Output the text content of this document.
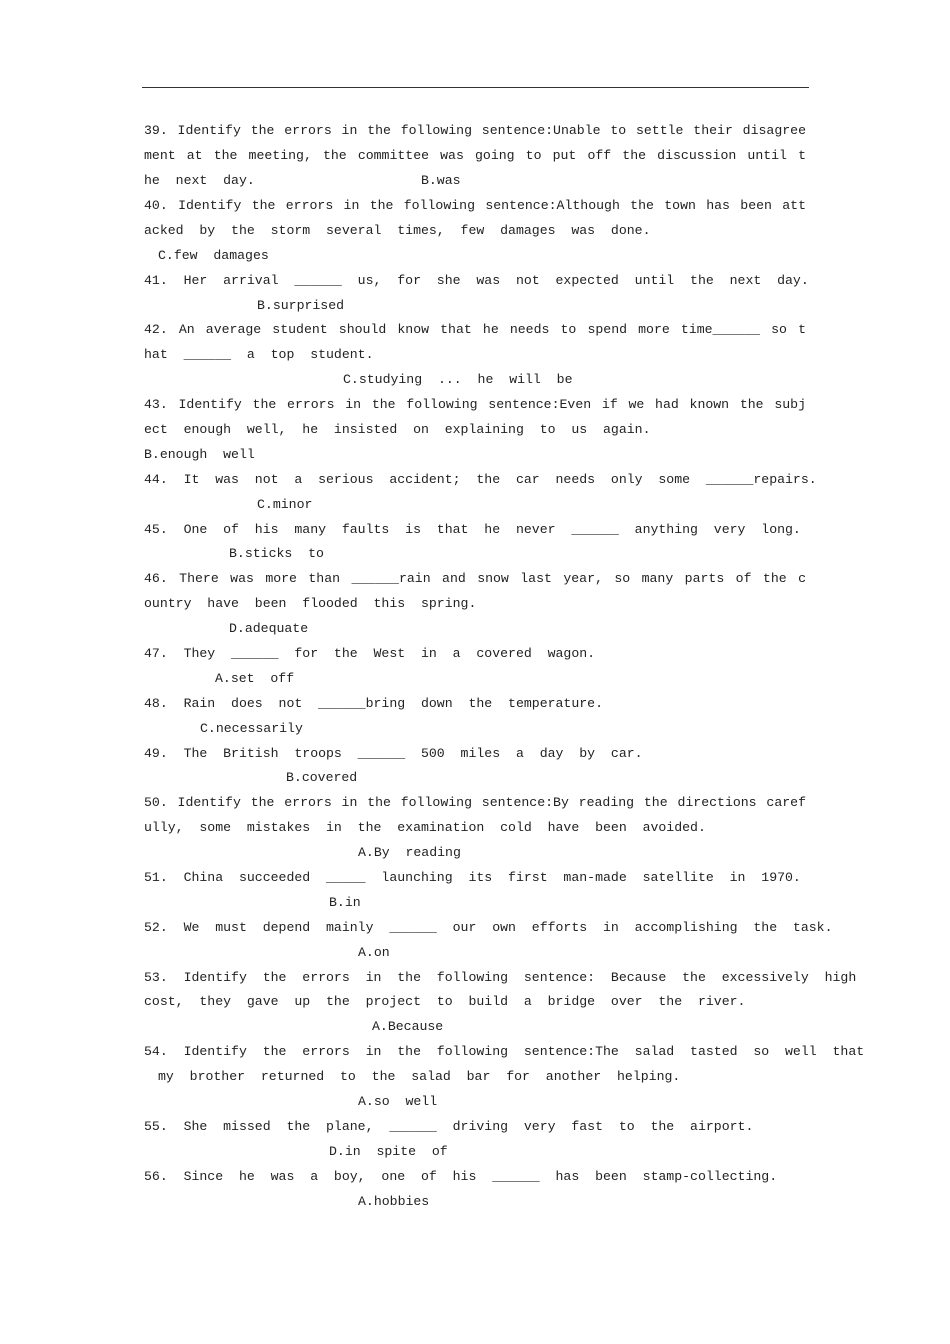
39. Identify the errors in the following sentence:Unable to settle their disagree
ment at the meeting, the committee was going to put off the discussion until t
he  next  day.                     B.was
40. Identify the errors in the following sentence:Although the town has been att
acked  by  the  storm  several  times,  few  damages  was  done.
C.few  damages
41.  Her  arrival  ______  us,  for  she  was  not  expected  until  the  next  day.
B.surprised
42. An average student should know that he needs to spend more time______ so t
hat  ______  a  top  student.
C.studying  ...  he  will  be
43. Identify the errors in the following sentence:Even if we had known the subj
ect  enough  well,  he  insisted  on  explaining  to  us  again.
B.enough  well
44.  It  was  not  a  serious  accident;  the  car  needs  only  some  ______repairs.
C.minor
45.  One  of  his  many  faults  is  that  he  never  ______  anything  very  long.
B.sticks  to
46. There was more than ______rain and snow last year, so many parts of the c
ountry  have  been  flooded  this  spring.
D.adequate
47.  They  ______  for  the  West  in  a  covered  wagon.
A.set  off
48.  Rain  does  not  ______bring  down  the  temperature.
C.necessarily
49.  The  British  troops  ______  500  miles  a  day  by  car.
B.covered
50. Identify the errors in the following sentence:By reading the directions caref
ully,  some  mistakes  in  the  examination  cold  have  been  avoided.
A.By  reading
51.  China  succeeded  _____  launching  its  first  man-made  satellite  in  1970.
B.in
52.  We  must  depend  mainly  ______  our  own  efforts  in  accomplishing  the  task.
A.on
53.  Identify  the  errors  in  the  following  sentence:  Because  the  excessively  high
cost,  they  gave  up  the  project  to  build  a  bridge  over  the  river.
A.Because
54.  Identify  the  errors  in  the  following  sentence:The  salad  tasted  so  well  that
my  brother  returned  to  the  salad  bar  for  another  helping.
A.so  well
55.  She  missed  the  plane,  ______  driving  very  fast  to  the  airport.
D.in  spite  of
56.  Since  he  was  a  boy,  one  of  his  ______  has  been  stamp-collecting.
A.hobbies
